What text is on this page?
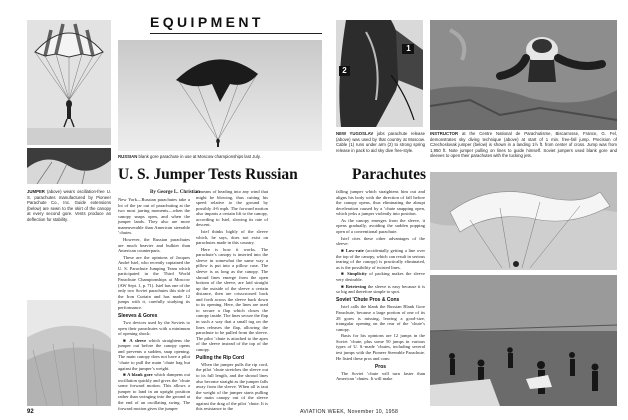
JUMPER (above) wears oscillation-free U. S. parachutes manufactured by Pioneer Parachute Co., Inc. Guide extensions (below) are sewn to the skirt of the canopy at every second gore. Vents produce an deflection for stability.
EQUIPMENT
RUSSIAN blank gore parachute in use at Moscow championships last July.
1
2
NEW YUGOSLAV jobs parachute release (above) was used by that country at Moscow. Cable (1) runs under arm (2) to strong spring release in pack to aid sky dive free-style.
INSTRUCTOR at the Centre National de Parachutisme, Biscarrosse, France, G. Fel, demonstrates sky diving technique (above) at start of 1 min. free-fall jump. Precision of Czechoslovak jumper (below) is shown in a landing 1½ ft. from center of cross. Jump was from 1,950 ft. Note jumper pulling on lines to guide himself. Soviet jumpers used blank gore and sleeves to open their parachutes with the tucking jets.
U. S. Jumper Tests Russian	Parachutes
By George L. Christian

New York—Russian parachutes take a lot of the jar out of parachuting at the two most jarring moments—when the canopy snaps open, and when the jumper lands. They also are more maneuverable than American steerable ’chutes.

However, the Russian parachutes are much heavier and bulkier than American counterparts.

These are the opinions of Jacques André Istel, who recently captained the U. S. Parachute Jumping Team which participated in the Third World Parachute Championships at Moscow (AW Sept. 1, p. 71). Istel has one of the only two Soviet parachutes this side of the Iron Curtain and has made 12 jumps with it, carefully studying its performance.

Sleeves & Gores

Two devices used by the Soviets to open their parachutes with a minimum of opening shock:

■ A sleeve which straightens the jumper out before the canopy opens and prevents a sudden, snap opening. The main canopy does not have a pilot ’chute to pull the main ’chute bag but against the jumper’s weight.

■ A blank gore which dampens out oscillation quickly and gives the ’chute some forward motion. This allows a jumper to land in an upright position rather than swinging into the ground at the end of an oscillating swing. The forward motion gives the jumper

a means of heading into any wind that might be blowing, thus cutting his speed relative to the ground by possibly 4-6 mph. The forward motion also imparts a certain lift to the canopy, according to Istel, slowing its rate of descent.

Istel thinks highly of the sleeve which, he says, does not exist on parachutes made in this country.

Here is how it works. The parachute’s canopy is inserted into the sleeve in somewhat the same way a pillow is put into a pillow case. The sleeve is as long as the canopy. The shroud lines emerge from the open bottom of the sleeve, are laid straight up the outside of the sleeve a certain distance, then are crisscrossed back and forth across the sleeve back down to its opening. Here, the lines are used to secure a flap which closes the canopy inside. The lines secure the flap in such a way that a small tug on the lines releases the flap, allowing the parachute to be pulled from the sleeve. The pilot ’chute is attached to the apex of the sleeve instead of the top of the canopy.

Pulling the Rip Cord

When the jumper pulls the rip cord, the pilot ’chute stretches the sleeve out to its full length, and the shroud lines also become straight as the jumper falls away from the sleeve. When all is taut the weight of the jumper starts pulling the main canopy out of the sleeve against the drag of the pilot ’chute. It is this resistance to the

falling jumper which straightens him out and aligns his body with the direction of fall before the canopy opens, thus eliminating the abrupt deceleration caused by a ’chute snapping open, which jerks a jumper violently into position.

As the canopy emerges from the sleeve, it opens gradually, avoiding the sudden popping open of a conventional parachute.

Istel cites these other advantages of the sleeve:

■ Low-rate (accidentally getting a line over the top of the canopy, which can result in serious tearing of the canopy) is practically eliminated, as is the possibility of twisted lines.

■ Simplicity of packing makes the sleeve very desirable.

■ Retrieving the sleeve is easy because it is so big and therefore simple to spot.

Soviet ’Chute Pros & Cons

Istel calls the blank the Russian Blank Gore Parachute, because a large portion of one of its 28 gores is missing, leaving a good-size, triangular opening on the rear of the ’chute’s canopy.

Basis for his opinions are 12 jumps in the Soviet ’chute, plus some 50 jumps in various types of U. S.-made ’chutes, including several test jumps with the Pioneer Steerable Parachute. He listed these pros and cons:

Pros

The Soviet ’chute will turn faster than American ’chutes. It will make

92	AVIATION WEEK, November 10, 1958
